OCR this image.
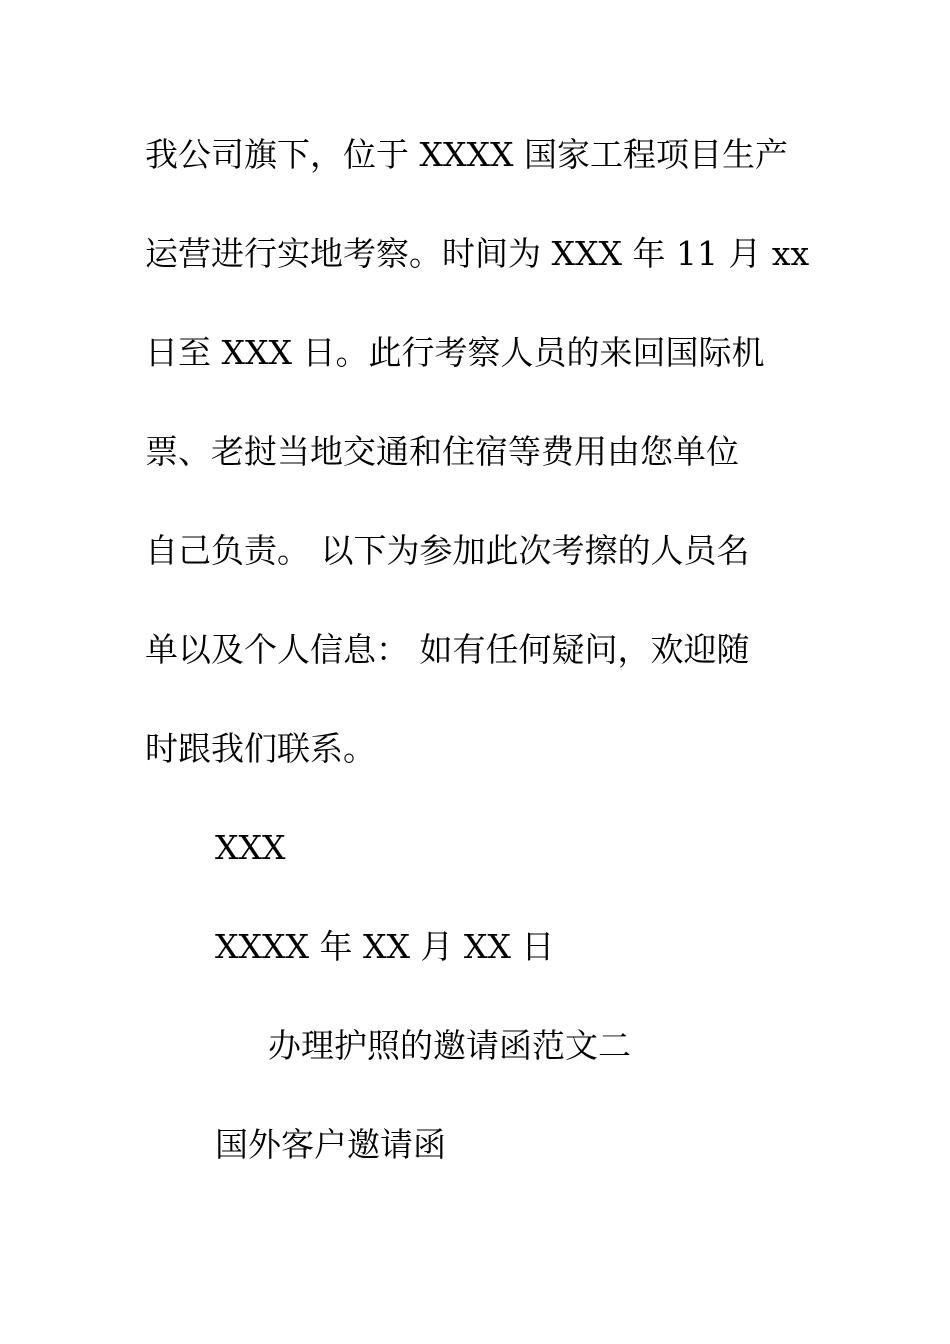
我公司旗下，位于 XXXX 国家工程项目生产
运营进行实地考察。时间为 XXX 年 11 月 xx
日至 XXX 日。此行考察人员的来回国际机
票、老挝当地交通和住宿等费用由您单位
自己负责。 以下为参加此次考擦的人员名
单以及个人信息： 如有任何疑问，欢迎随
时跟我们联系。
XXX
XXXX 年 XX 月 XX 日
办理护照的邀请函范文二
国外客户邀请函
